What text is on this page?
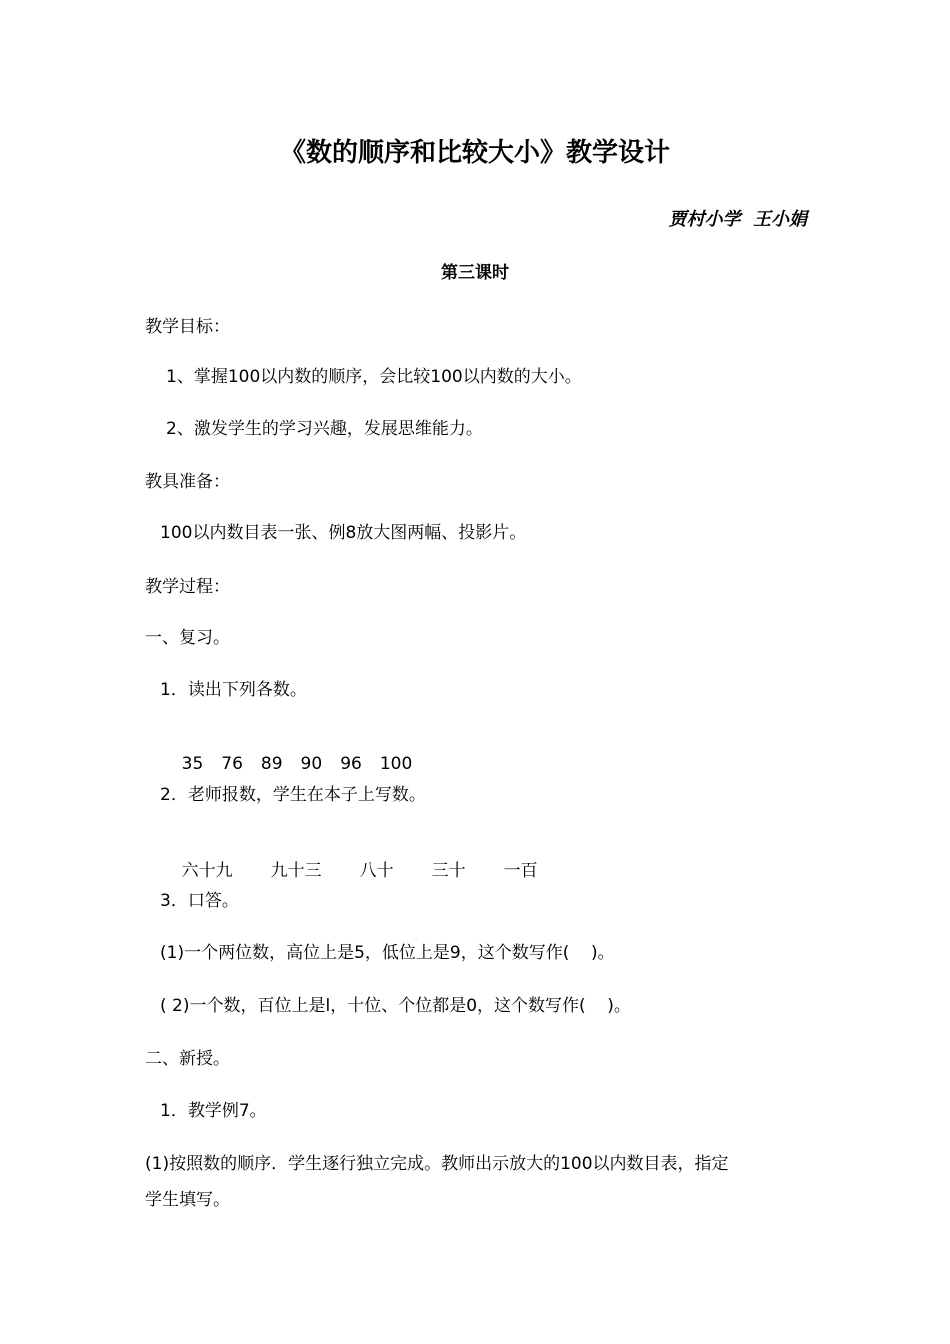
《数的顺序和比较大小》教学设计
贾村小学  王小娟
第三课时
教学目标：
1、掌握100以内数的顺序，会比较100以内数的大小。
2、激发学生的学习兴趣，发展思维能力。
教具准备：
100以内数目表一张、例8放大图两幅、投影片。
教学过程：
一、复习。
1．读出下列各数。

35 76 89 90 96 100

2．老师报数，学生在本子上写数。

六十九 九十三 八十 三十 一百

3．口答。
(1)一个两位数，高位上是5，低位上是9，这个数写作(    )。
( 2)一个数，百位上是l，十位、个位都是0，这个数写作(    )。
二、新授。
1．教学例7。
(1)按照数的顺序．学生逐行独立完成。教师出示放大的100以内数目表，指定
学生填写。
